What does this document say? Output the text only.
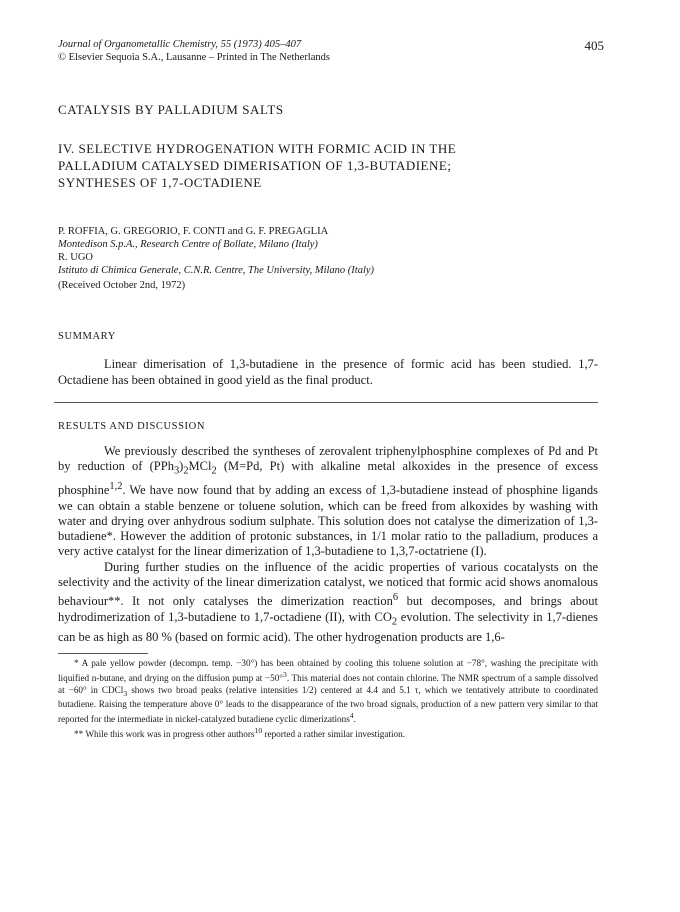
405

Journal of Organometallic Chemistry, 55 (1973) 405–407

© Elsevier Sequoia S.A., Lausanne – Printed in The Netherlands

CATALYSIS BY PALLADIUM SALTS
IV. SELECTIVE HYDROGENATION WITH FORMIC ACID IN THE
PALLADIUM CATALYSED DIMERISATION OF 1,3-BUTADIENE;
SYNTHESES OF 1,7-OCTADIENE
P. ROFFIA, G. GREGORIO, F. CONTI and G. F. PREGAGLIA
Montedison S.p.A., Research Centre of Bollate, Milano (Italy)
R. UGO
Istituto di Chimica Generale, C.N.R. Centre, The University, Milano (Italy)
(Received October 2nd, 1972)
SUMMARY
Linear dimerisation of 1,3-butadiene in the presence of formic acid has been studied. 1,7-Octadiene has been obtained in good yield as the final product.
RESULTS AND DISCUSSION

We previously described the syntheses of zerovalent triphenylphosphine complexes of Pd and Pt by reduction of $(PPh_3)_2MCl_2$ (M=Pd, Pt) with alkaline metal alkoxides in the presence of excess phosphine$^{1,2}$. We have now found that by adding an excess of 1,3-butadiene instead of phosphine ligands we can obtain a stable benzene or toluene solution, which can be freed from alkoxides by washing with water and drying over anhydrous sodium sulphate. This solution does not catalyse the dimerization of 1,3-butadiene*. However the addition of protonic substances, in 1/1 molar ratio to the palladium, produces a very active catalyst for the linear dimerization of 1,3-butadiene to 1,3,7-octatriene (I).

During further studies on the influence of the acidic properties of various cocatalysts on the selectivity and the activity of the linear dimerization catalyst, we noticed that formic acid shows anomalous behaviour**. It not only catalyses the dimerization reaction$^6$ but decomposes, and brings about hydrodimerization of 1,3-butadiene to 1,7-octadiene (II), with $CO_2$ evolution. The selectivity in 1,7-dienes can be as high as 80 % (based on formic acid). The other hydrogenation products are 1,6-

* A pale yellow powder (decompn. temp. −30°) has been obtained by cooling this toluene solution at −78°, washing the precipitate with liquified n-butane, and drying on the diffusion pump at −50°$^3$. This material does not contain chlorine. The NMR spectrum of a sample dissolved at −60° in CDCl$_3$ shows two broad peaks (relative intensities 1/2) centered at 4.4 and 5.1 τ, which we tentatively attribute to coordinated butadiene. Raising the temperature above 0° leads to the disappearance of the two broad signals, production of a new pattern very similar to that reported for the intermediate in nickel-catalyzed butadiene cyclic dimerizations$^4$.

** While this work was in progress other authors$^{10}$ reported a rather similar investigation.
